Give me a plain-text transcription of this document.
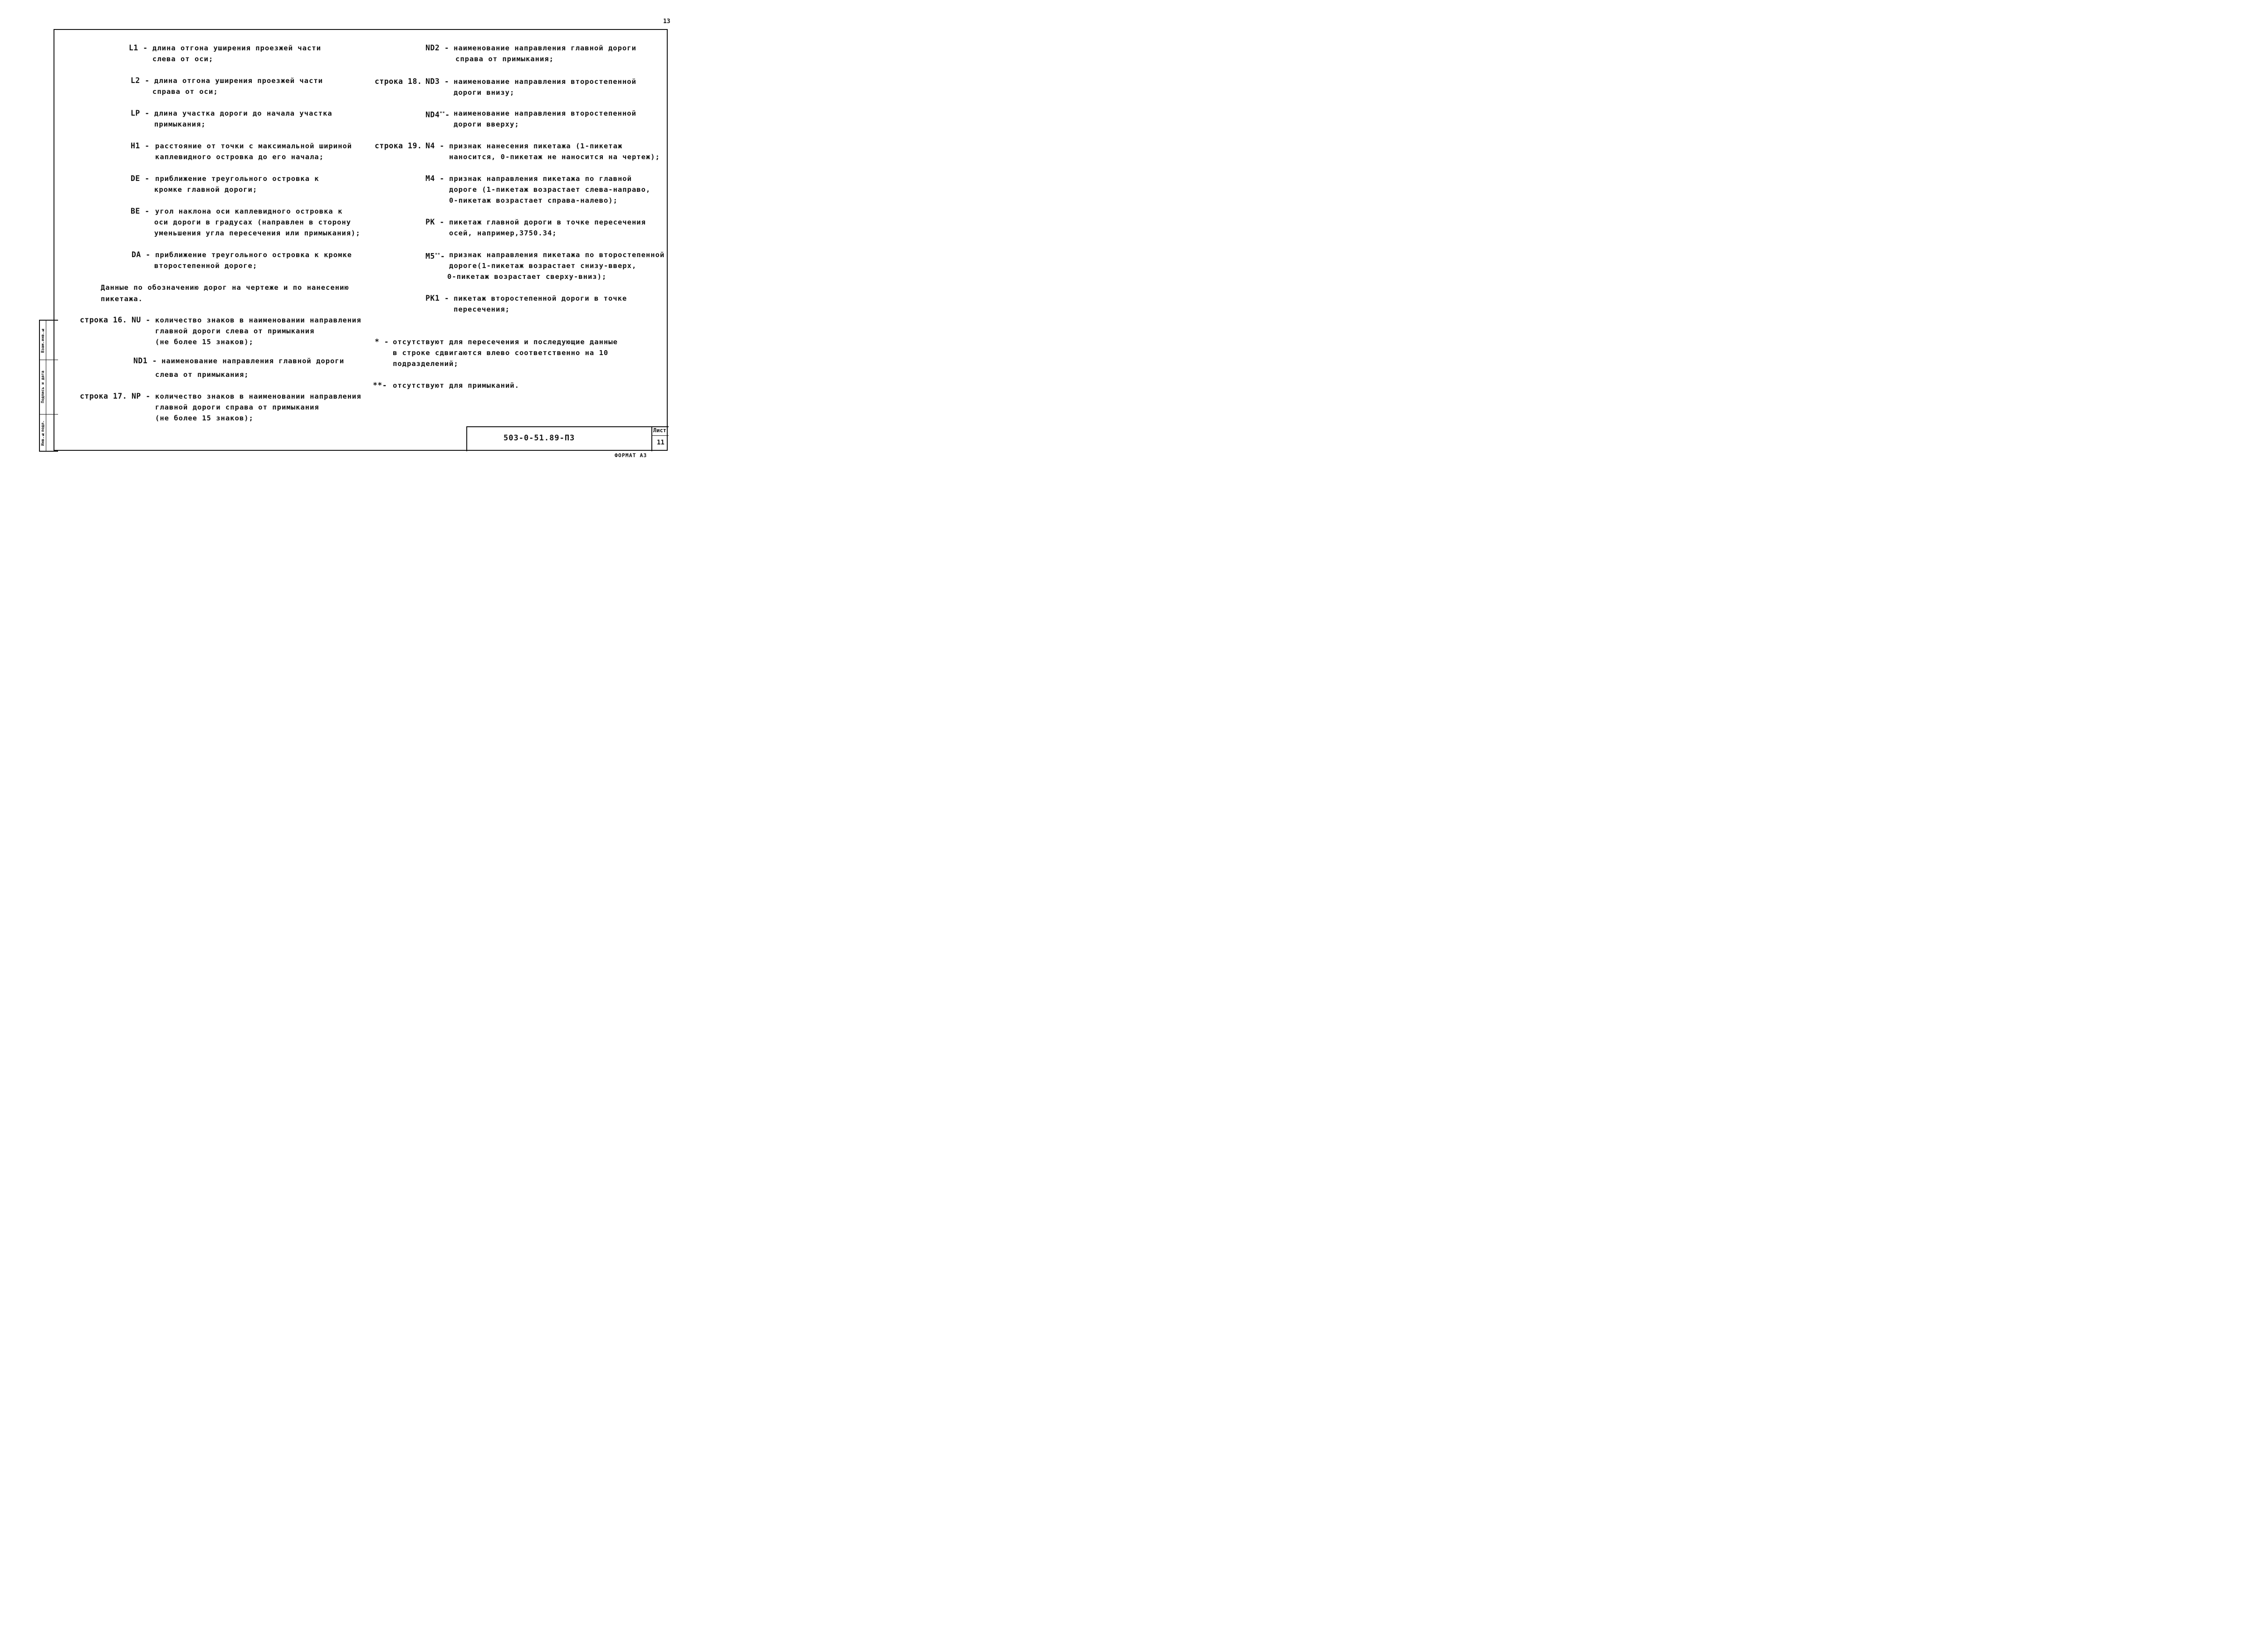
13
L1 - длина отгона уширения проезжей части
слева от оси;
L2 - длина отгона уширения проезжей части
справа от оси;
LP - длина участка дороги до начала участка
примыкания;
H1 - расстояние от точки с максимальной шириной
каплевидного островка до его начала;
DE - приближение треугольного островка к
кромке главной дороги;
BE - угол наклона оси каплевидного островка к
оси дороги в градусах (направлен в сторону
уменьшения угла пересечения или примыкания);
DA - приближение треугольного островка к кромке
второстепенной дороге;
Данные по обозначению дорог на чертеже и по нанесению
пикетажа.
строка 16. NU - количество знаков в наименовании направления
главной дороги слева от примыкания
(не более 15 знаков);
ND1 - наименование направления главной дороги
слева от примыкания;
строка 17. NP - количество знаков в наименовании направления
главной дороги справа от примыкания
(не более 15 знаков);
ND2 - наименование направления главной дороги
справа от примыкания;
строка 18. ND3 - наименование направления второстепенной
дороги внизу;
ND4**- наименование направления второстепенной
дороги вверху;
строка 19. N4 - признак нанесения пикетажа (1-пикетаж
наносится, 0-пикетаж не наносится на чертеж);
M4 - признак направления пикетажа по главной
дороге (1-пикетаж возрастает слева-направо,
0-пикетаж возрастает справа-налево);
PK - пикетаж главной дороги в точке пересечения
осей, например,3750.34;
M5**- признак направления пикетажа по второстепенной
дороге(1-пикетаж возрастает снизу-вверх,
0-пикетаж возрастает сверху-вниз);
PK1 - пикетаж второстепенной дороги в точке
пересечения;
* - отсутствуют для пересечения и последующие данные
в строке сдвигаются влево соответственно на 10
подразделений;
**- отсутствуют для примыканий.
Инв.№подл.
Подпись и дата
Взам.инв.№
503-0-51.89-П3
Лист
11
ФОРМАТ А3
